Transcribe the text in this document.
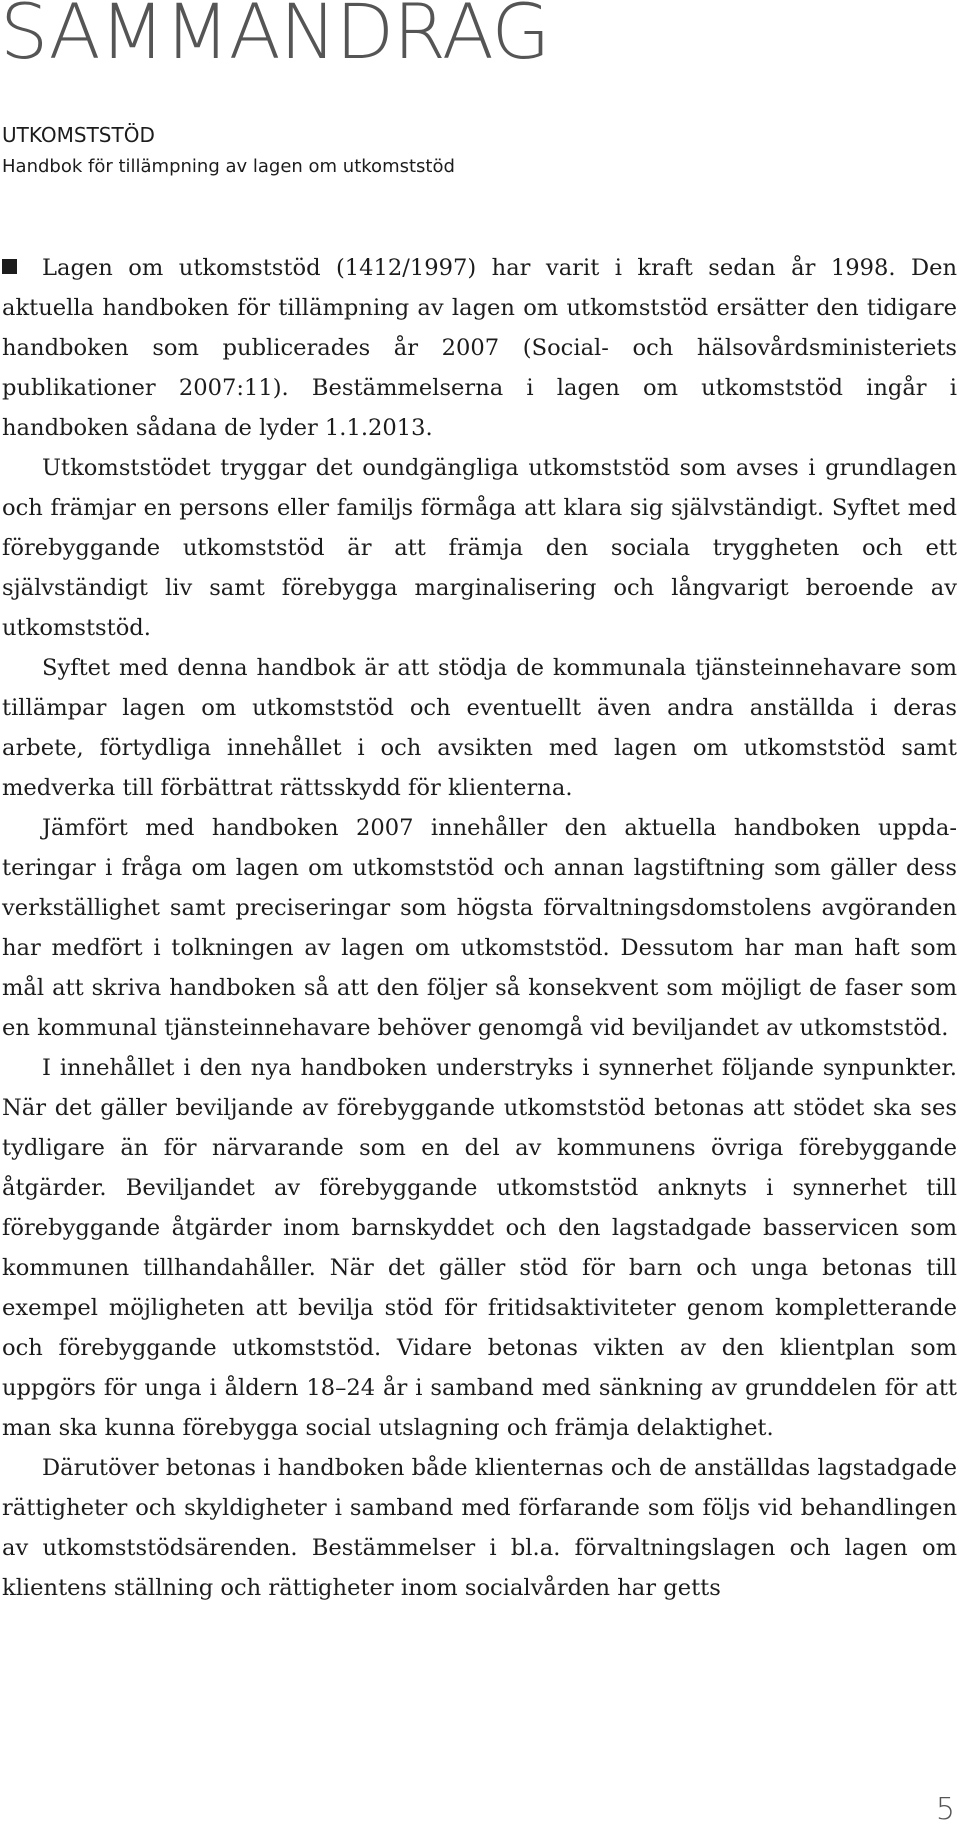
SAMMANDRAG
UTKOMSTSTÖD
Handbok för tillämpning av lagen om utkomststöd

Lagen om utkomststöd (1412/1997) har varit i kraft sedan år 1998. Den aktuella handboken för tillämpning av lagen om utkomststöd ersätter den tidigare handboken som publicerades år 2007 (Social- och hälsovårdsministeriets publikationer 2007:11). Bestämmelserna i lagen om utkomststöd ingår i handboken sådana de lyder 1.1.2013.

Utkomststödet tryggar det oundgängliga utkomststöd som avses i grundlagen och främjar en persons eller familjs förmåga att klara sig självständigt. Syftet med förebyggande utkomststöd är att främja den sociala tryggheten och ett självständigt liv samt förebygga marginalisering och långvarigt beroende av utkomststöd.

Syftet med denna handbok är att stödja de kommunala tjänsteinnehavare som tillämpar lagen om utkomststöd och eventuellt även andra anställda i deras arbete, förtydliga innehållet i och avsikten med lagen om utkomststöd samt medverka till förbättrat rättsskydd för klienterna.

Jämfört med handboken 2007 innehåller den aktuella handboken uppdateringar i fråga om lagen om utkomststöd och annan lagstiftning som gäller dess verkställighet samt preciseringar som högsta förvaltningsdomstolens avgöranden har medfört i tolkningen av lagen om utkomststöd. Dessutom har man haft som mål att skriva handboken så att den följer så konsekvent som möjligt de faser som en kommunal tjänsteinnehavare behöver genomgå vid beviljandet av utkomststöd.

I innehållet i den nya handboken understryks i synnerhet följande synpunkter. När det gäller beviljande av förebyggande utkomststöd betonas att stödet ska ses tydligare än för närvarande som en del av kommunens övriga förebyggande åtgärder. Beviljandet av förebyggande utkomststöd anknyts i synnerhet till förebyggande åtgärder inom barnskyddet och den lagstadgade basservicen som kommunen tillhandahåller. När det gäller stöd för barn och unga betonas till exempel möjligheten att bevilja stöd för fritidsaktiviteter genom kompletterande och förebyggande utkomststöd. Vidare betonas vikten av den klientplan som uppgörs för unga i åldern 18–24 år i samband med sänkning av grunddelen för att man ska kunna förebygga social utslagning och främja delaktighet.

Därutöver betonas i handboken både klienternas och de anställdas lagstadgade rättigheter och skyldigheter i samband med förfarande som följs vid behandlingen av utkomststödsärenden. Bestämmelser i bl.a. förvaltningslagen och lagen om klientens ställning och rättigheter inom socialvården har getts

5
